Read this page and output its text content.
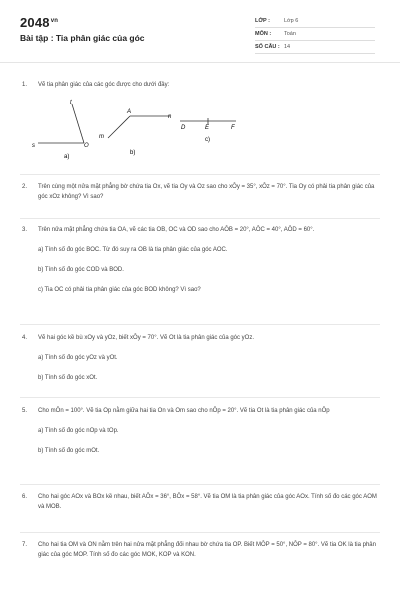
$2048^{vn}$
Bài tập : Tia phân giác của góc
LỚP :	Lớp 6
MÔN :	Toán
SỐ CÂU : 14
1. Vẽ tia phân giác của các góc được cho dưới đây:
t
O
s
a)
A
n
m
b)
D	E	F
c)
2. Trên cùng một nửa mặt phẳng bờ chứa tia Ox, vẽ tia Oy và Oz sao cho xÔy = 35°, xÔz = 70°. Tia Oy có phải tia phân giác của góc xOz không? Vì sao?
3. Trên nửa mặt phẳng chứa tia OA, vẽ các tia OB, OC và OD sao cho AÔB = 20°, AÔC = 40°, AÔD = 60°.
a) Tính số đo góc BOC. Từ đó suy ra OB là tia phân giác của góc AOC.
b) Tính số đo góc COD và BOD.
c) Tia OC có phải tia phân giác của góc BOD không? Vì sao?
4. Vẽ hai góc kề bù xOy và yOz, biết xÔy = 70°. Vẽ Ot là tia phân giác của góc yOz.
a) Tính số đo góc yOz và yOt.
b) Tính số đo góc xOt.
5. Cho mÔn = 100°. Vẽ tia Op nằm giữa hai tia On và Om sao cho nÔp = 20°. Vẽ tia Ot là tia phân giác của nÔp
a) Tính số đo góc nOp và tOp.
b) Tính số đo góc mOt.
6. Cho hai góc AOx và BOx kề nhau, biết AÔx = 36°, BÔx = 58°. Vẽ tia OM là tia phân giác của góc AOx. Tính số đo các góc AOM và MOB.
7. Cho hai tia OM và ON nằm trên hai nửa mặt phẳng đối nhau bờ chứa tia OP. Biết MÔP = 50°, NÔP = 80°. Vẽ tia OK là tia phân giác của góc MOP. Tính số đo các góc MOK, KOP và KON.
